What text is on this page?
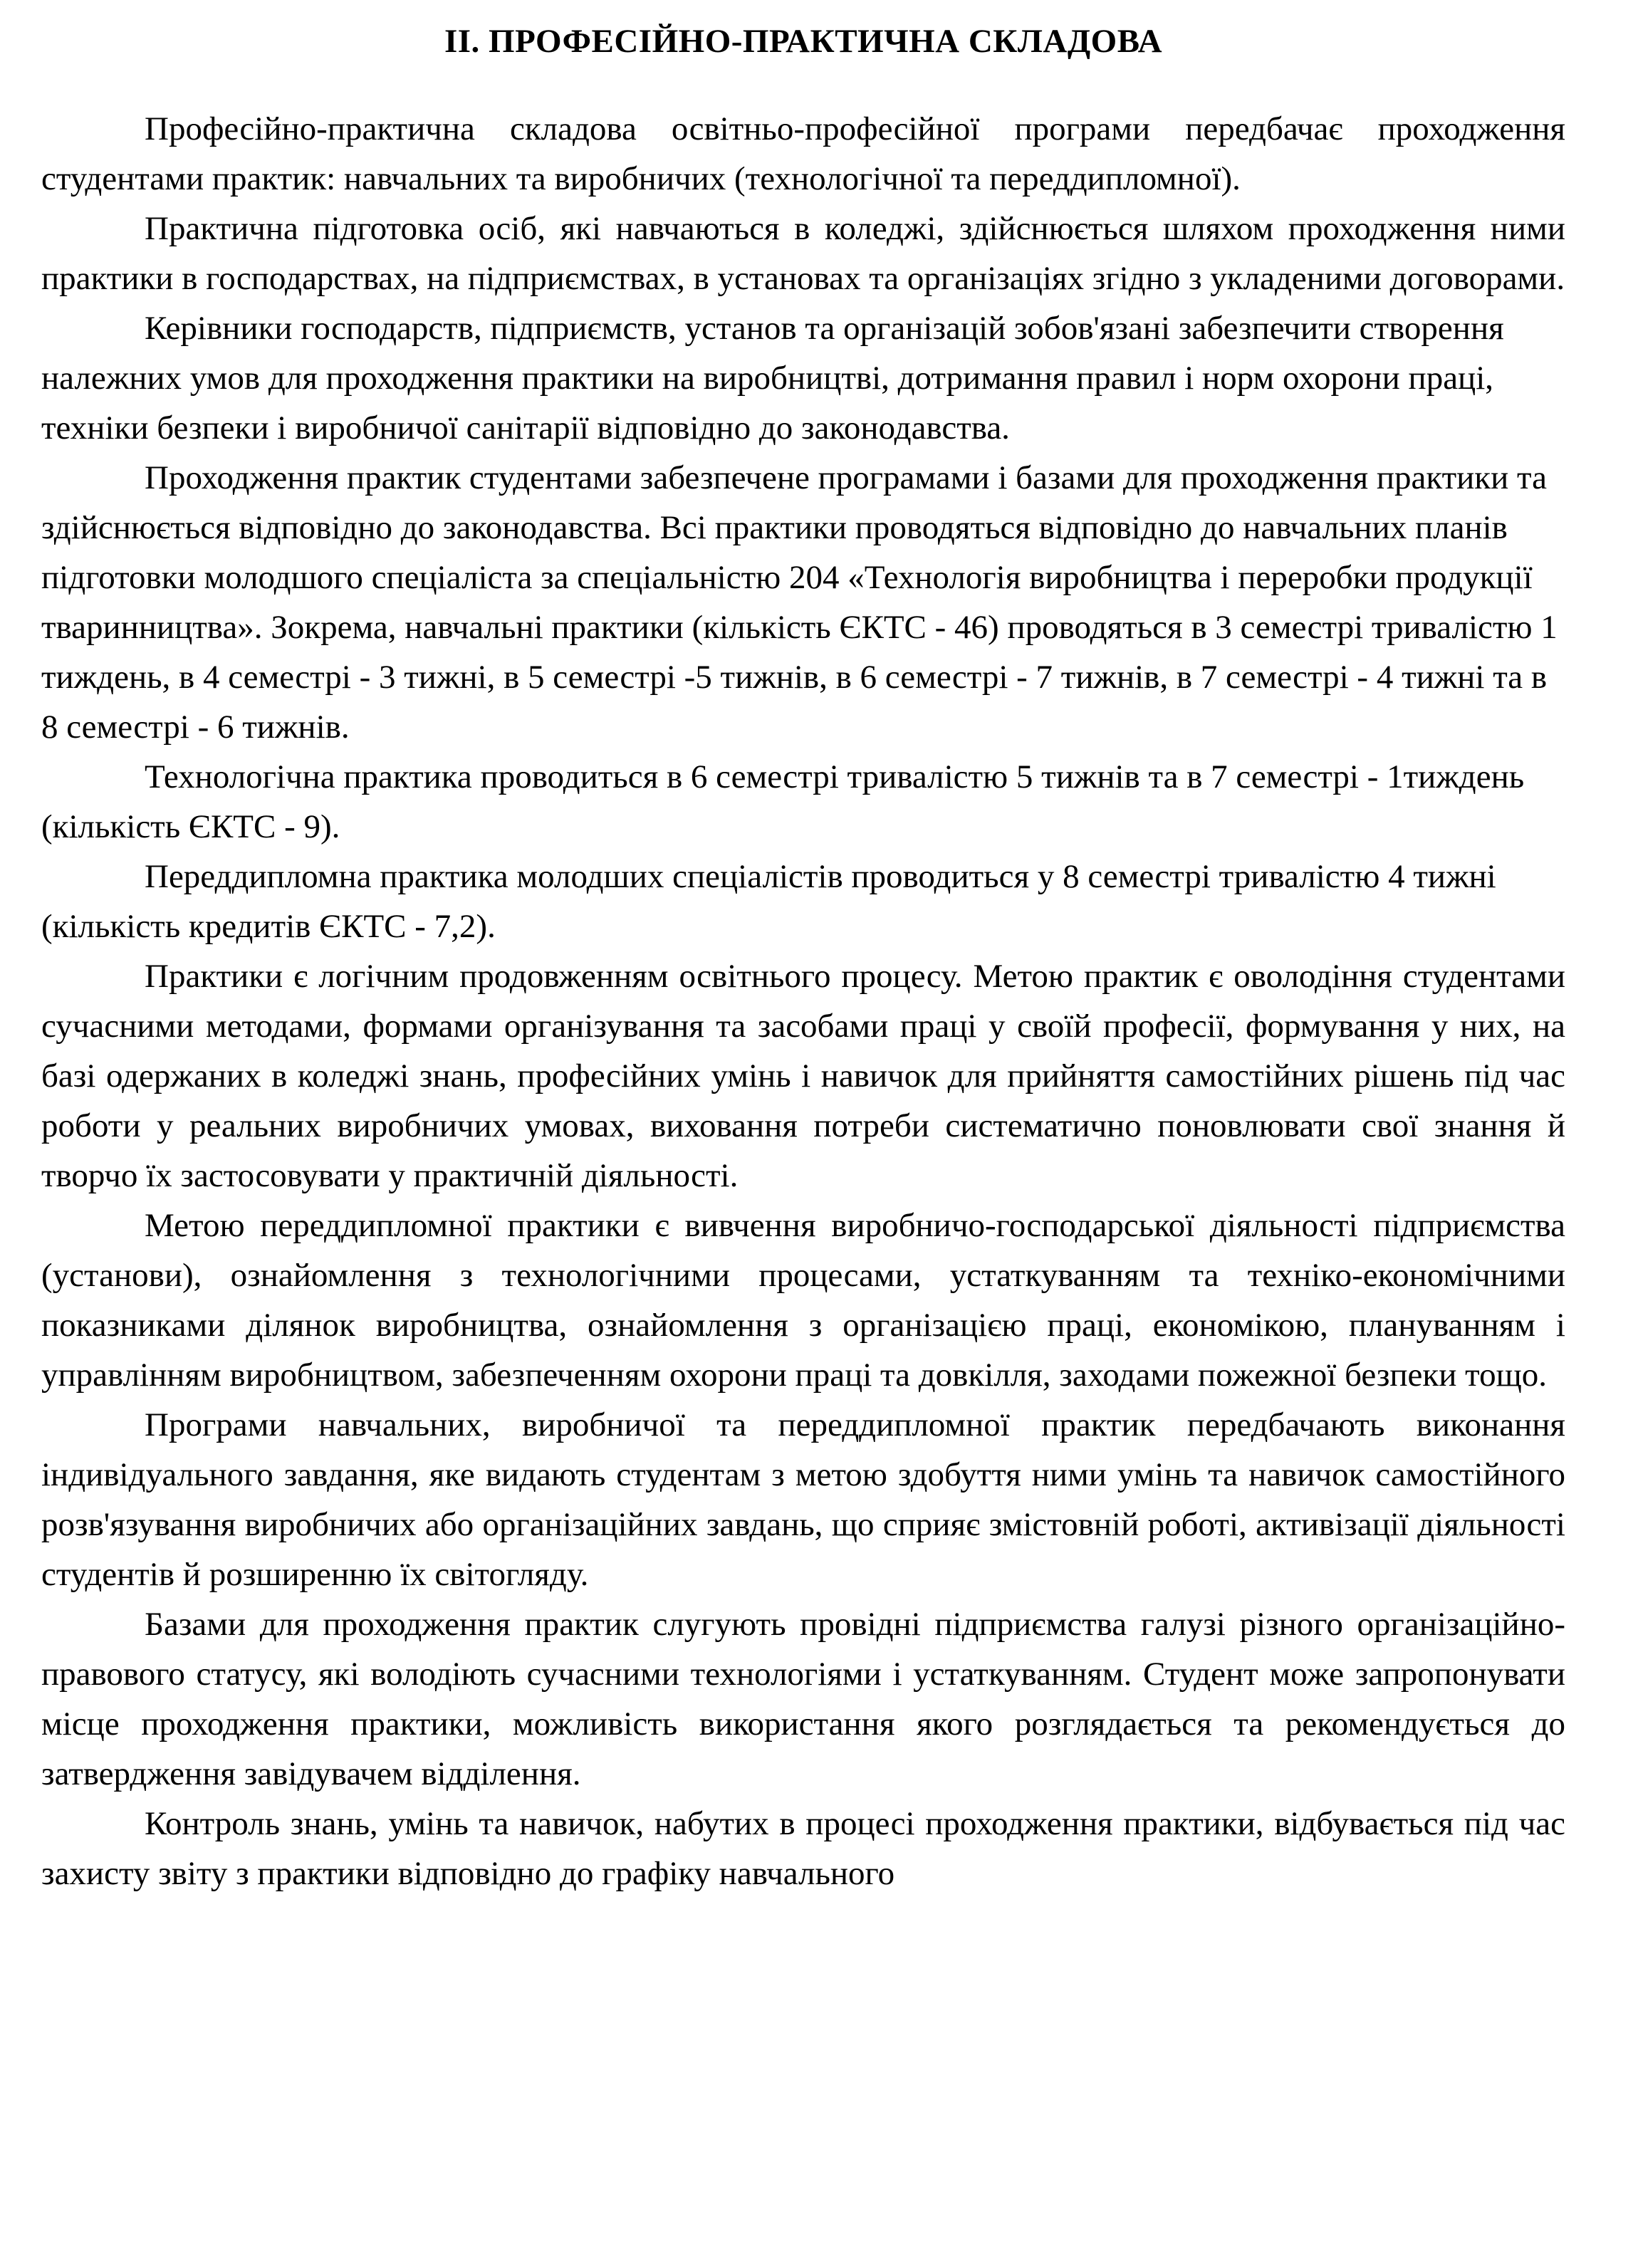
ІІ. ПРОФЕСІЙНО-ПРАКТИЧНА СКЛАДОВА

Професійно-практична складова освітньо-професійної програми передбачає проходження студентами практик: навчальних та виробничих (технологічної та переддипломної).

Практична підготовка осіб, які навчаються в коледжі, здійснюється шляхом проходження ними практики в господарствах, на підприємствах, в установах та організаціях згідно з укладеними договорами.

Керівники господарств, підприємств, установ та організацій зобов'язані забезпечити створення належних умов для проходження практики на виробництві, дотримання правил і норм охорони праці, техніки безпеки і виробничої санітарії відповідно до законодавства.

Проходження практик студентами забезпечене програмами і базами для проходження практики та здійснюється відповідно до законодавства. Всі практики проводяться відповідно до навчальних планів підготовки молодшого спеціаліста за спеціальністю 204 «Технологія виробництва і переробки продукції тваринництва». Зокрема, навчальні практики (кількість ЄКТС - 46) проводяться в 3 семестрі тривалістю 1 тиждень, в 4 семестрі - 3 тижні, в 5 семестрі -5 тижнів, в 6 семестрі - 7 тижнів, в 7 семестрі - 4 тижні та в 8 семестрі - 6 тижнів.

Технологічна практика проводиться в 6 семестрі тривалістю 5 тижнів та в 7 семестрі - 1тиждень (кількість ЄКТС - 9).

Переддипломна практика молодших спеціалістів проводиться у 8 семестрі тривалістю 4 тижні (кількість кредитів ЄКТС - 7,2).

Практики є логічним продовженням освітнього процесу. Метою практик є оволодіння студентами сучасними методами, формами організування та засобами праці у своїй професії, формування у них, на базі одержаних в коледжі знань, професійних умінь і навичок для прийняття самостійних рішень під час роботи у реальних виробничих умовах, виховання потреби систематично поновлювати свої знання й творчо їх застосовувати у практичній діяльності.

Метою переддипломної практики є вивчення виробничо-господарської діяльності підприємства (установи), ознайомлення з технологічними процесами, устаткуванням та техніко-економічними показниками ділянок виробництва, ознайомлення з організацією праці, економікою, плануванням і управлінням виробництвом, забезпеченням охорони праці та довкілля, заходами пожежної безпеки тощо.

Програми навчальних, виробничої та переддипломної практик передбачають виконання індивідуального завдання, яке видають студентам з метою здобуття ними умінь та навичок самостійного розв'язування виробничих або організаційних завдань, що сприяє змістовній роботі, активізації діяльності студентів й розширенню їх світогляду.

Базами для проходження практик слугують провідні підприємства галузі різного організаційно-правового статусу, які володіють сучасними технологіями і устаткуванням. Студент може запропонувати місце проходження практики, можливість використання якого розглядається та рекомендується до затвердження завідувачем відділення.

Контроль знань, умінь та навичок, набутих в процесі проходження практики, відбувається під час захисту звіту з практики відповідно до графіку навчального
